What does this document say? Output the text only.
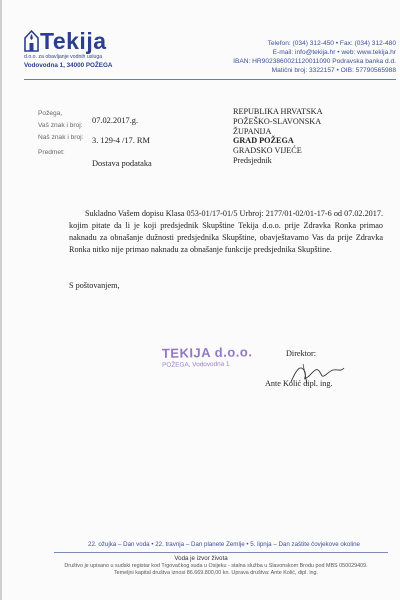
Tekija
d.o.o. za obavljanje vodnih usluga
Vodovodna 1, 34000 POŽEGA
Telefon: (034) 312-450 • Fax: (034) 312-480
E-mail: info@tekija.hr • web: www.tekija.hr
IBAN: HR9023860021120011090 Podravska banka d.d.
Matični broj: 3322157 • OIB: 57790565988
Požega,
07.02.2017.g.
Vaš znak i broj:
Naš znak i broj: 3. 129-4 /17. RM
Predmet:
Dostava podataka
REPUBLIKA HRVATSKA
POŽEŠKO-SLAVONSKA
ŽUPANIJA
GRAD POŽEGA
GRADSKO VIJEĆE
Predsjednik

Sukladno Vašem dopisu Klasa 053-01/17-01/5 Urbroj: 2177/01-02/01-17-6 od 07.02.2017. kojim pitate da li je koji predsjednik Skupštine Tekija d.o.o. prije Zdravka Ronka primao naknadu za obnašanje dužnosti predsjednika Skupštine, obavještavamo Vas da prije Zdravka Ronka nitko nije primao naknadu za obnašanje funkcije predsjednika Skupštine.

S poštovanjem,
TEKIJA d.o.o.
POŽEGA, Vodovodna 1
Direktor:
Ante Kolić dipl. ing.
22. ožujka – Dan voda • 22. travnja – Dan planete Zemlje • 5. lipnja – Dan zaštite čovjekove okoline
Voda je izvor života
Društvo je upisano u sudski registar kod Trgovačkog suda u Osijeku - stalna služba u Slavonskom Brodu pod MBS 050029409.
Temeljni kapital društva iznosi 86.669.800,00 kn. Uprava društva: Ante Kolić, dipl. ing.
